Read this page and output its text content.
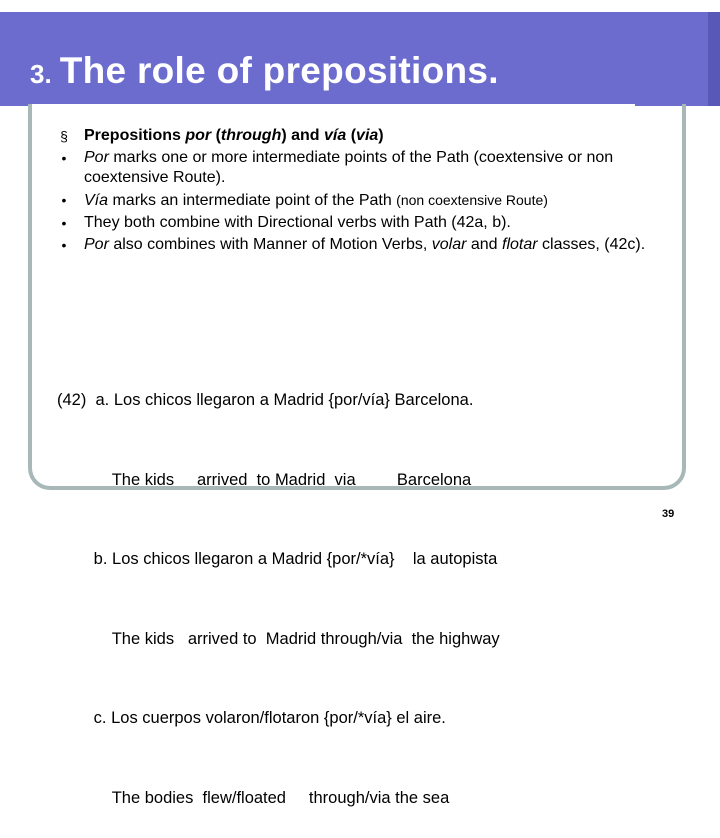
3. The role of prepositions.
§ Prepositions por (through) and vía (via)
• Por marks one or more intermediate points of the Path (coextensive or non coextensive Route).
• Vía marks an intermediate point of the Path (non coextensive Route)
• They both combine with Directional verbs with Path (42a, b).
• Por also combines with Manner of Motion Verbs, volar and flotar classes, (42c).

(42)  a. Los chicos llegaron a Madrid {por/vía} Barcelona.

The kids     arrived  to Madrid  via         Barcelona

b. Los chicos llegaron a Madrid {por/*vía}    la autopista

The kids   arrived to  Madrid through/via  the highway

c. Los cuerpos volaron/flotaron {por/*vía} el aire.

The bodies  flew/floated     through/via the sea

39
